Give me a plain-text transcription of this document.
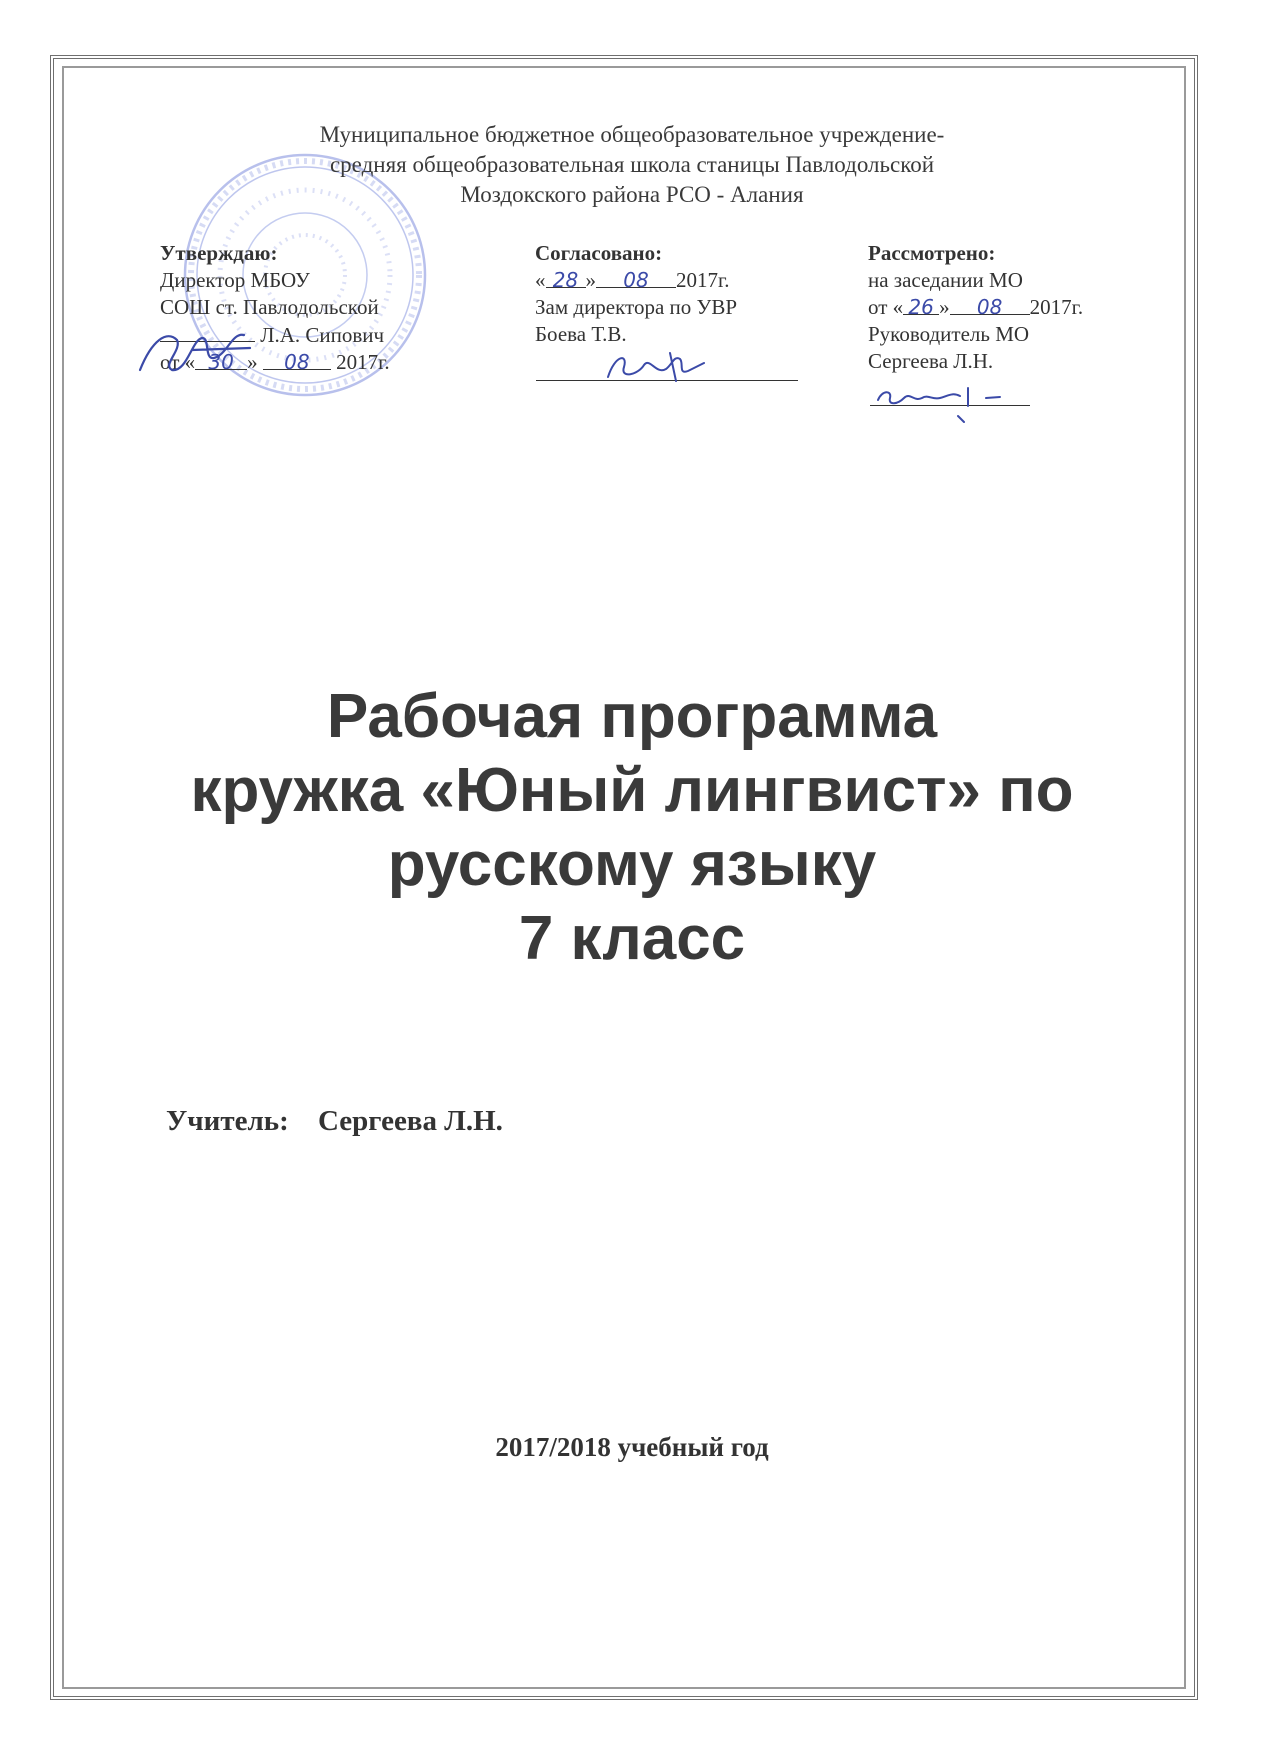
Муниципальное бюджетное общеобразовательное учреждение-
средняя общеобразовательная школа станицы Павлодольской
Моздокского района РСО - Алания
Утверждаю:
Директор МБОУ
СОШ ст. Павлодольской
Л.А. Сипович
от « 30 » 08 2017г.
Согласовано:
« 28 » 08 2017г.
Зам директора по УВР
Боева Т.В.
Рассмотрено:
на заседании МО
от « 26 » 08 2017г.
Руководитель МО
Сергеева Л.Н.
Рабочая программа
кружка «Юный лингвист» по
русскому языку
7 класс
Учитель: Сергеева Л.Н.
2017/2018 учебный год
